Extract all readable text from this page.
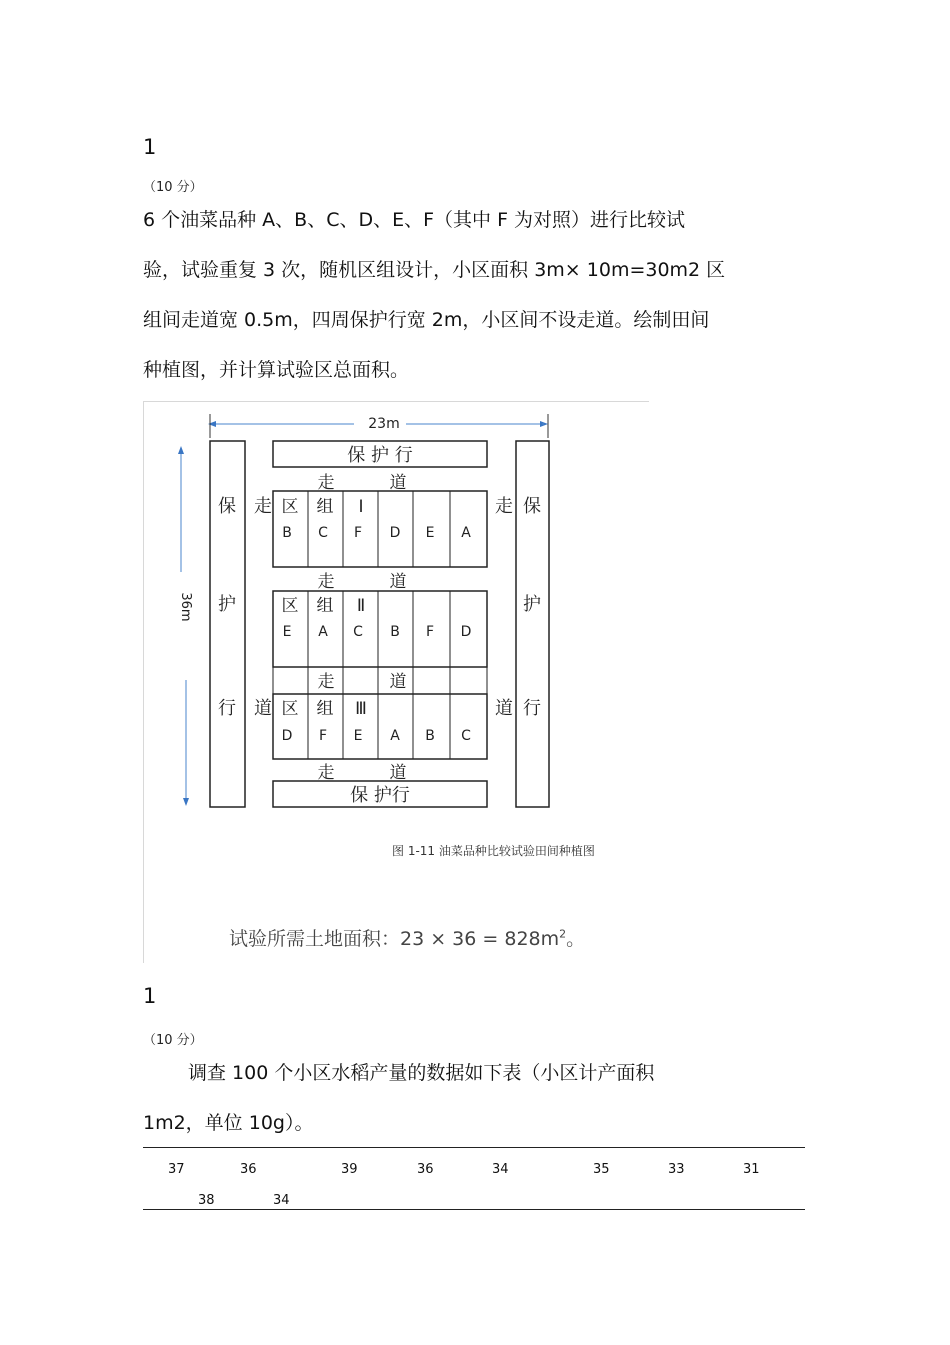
1
（10 分）
6 个油菜品种 A、B、C、D、E、F（其中 F 为对照）进行比较试
验，试验重复 3 次，随机区组设计，小区面积 3m× 10m=30m2 区
组间走道宽 0.5m，四周保护行宽 2m，小区间不设走道。绘制田间
种植图，并计算试验区总面积。
23m
36m
保
护
行
保
护
行
走
道
走
道
保 护 行
走	道
走	道
走	道
走	道
区 组 Ⅰ
B C F D E A
区 组 Ⅱ
E A C B F D
区 组 Ⅲ
D F E A B C
保 护行
图 1-11 油菜品种比较试验田间种植图
试验所需土地面积：$23 \times 36 = 828m^2$。
1
（10 分）
调查 100 个小区水稻产量的数据如下表（小区计产面积
1m2，单位 10g）。
37	36	39	36	34	35	33	31
38	34
